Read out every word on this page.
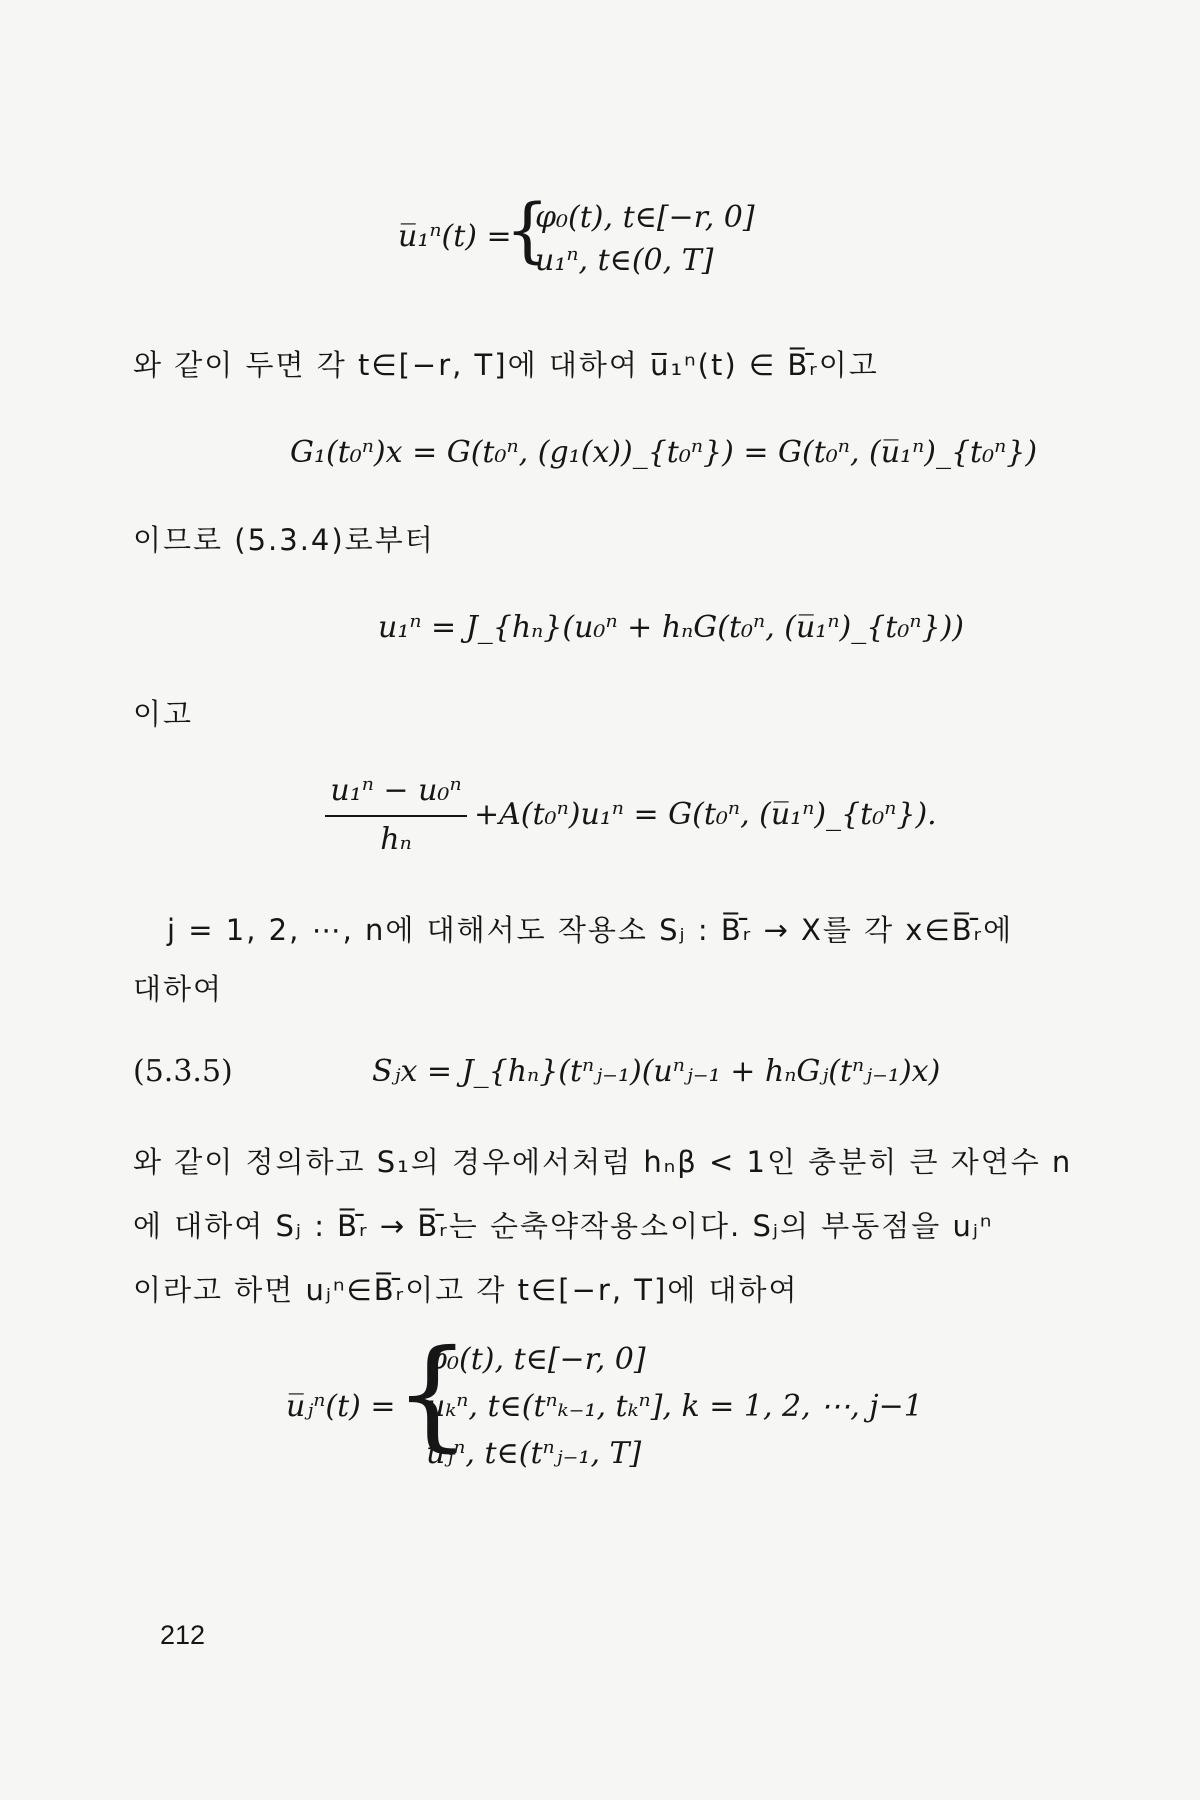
u̅₁ⁿ(t) =
{
φ₀(t), t∈[−r, 0]
u₁ⁿ, t∈(0, T]
와 같이 두면 각 t∈[−r, T]에 대하여 u̅₁ⁿ(t) ∈ B̅ᵣ̄이고
G₁(t₀ⁿ)x = G(t₀ⁿ, (g₁(x))_{t₀ⁿ}) = G(t₀ⁿ, (u̅₁ⁿ)_{t₀ⁿ})
이므로 (5.3.4)로부터
u₁ⁿ = J_{hₙ}(u₀ⁿ + hₙG(t₀ⁿ, (u̅₁ⁿ)_{t₀ⁿ}))
이고
u₁ⁿ − u₀ⁿ
hₙ
+A(t₀ⁿ)u₁ⁿ = G(t₀ⁿ, (u̅₁ⁿ)_{t₀ⁿ}).
j = 1, 2, ⋯, n에 대해서도 작용소 Sⱼ : B̅ᵣ̄ → X를 각 x∈B̅ᵣ̄에
대하여
(5.3.5)	Sⱼx = J_{hₙ}(tⁿⱼ₋₁)(uⁿⱼ₋₁ + hₙGⱼ(tⁿⱼ₋₁)x)
와 같이 정의하고 S₁의 경우에서처럼 hₙβ < 1인 충분히 큰 자연수 n
에 대하여 Sⱼ : B̅ᵣ̄ → B̅ᵣ̄는 순축약작용소이다. Sⱼ의 부동점을 uⱼⁿ
이라고 하면 uⱼⁿ∈B̅ᵣ̄이고 각 t∈[−r, T]에 대하여
u̅ⱼⁿ(t) =
{
φ₀(t), t∈[−r, 0]
uₖⁿ, t∈(tⁿₖ₋₁, tₖⁿ], k = 1, 2, ⋯, j−1
uⱼⁿ, t∈(tⁿⱼ₋₁, T]
212
